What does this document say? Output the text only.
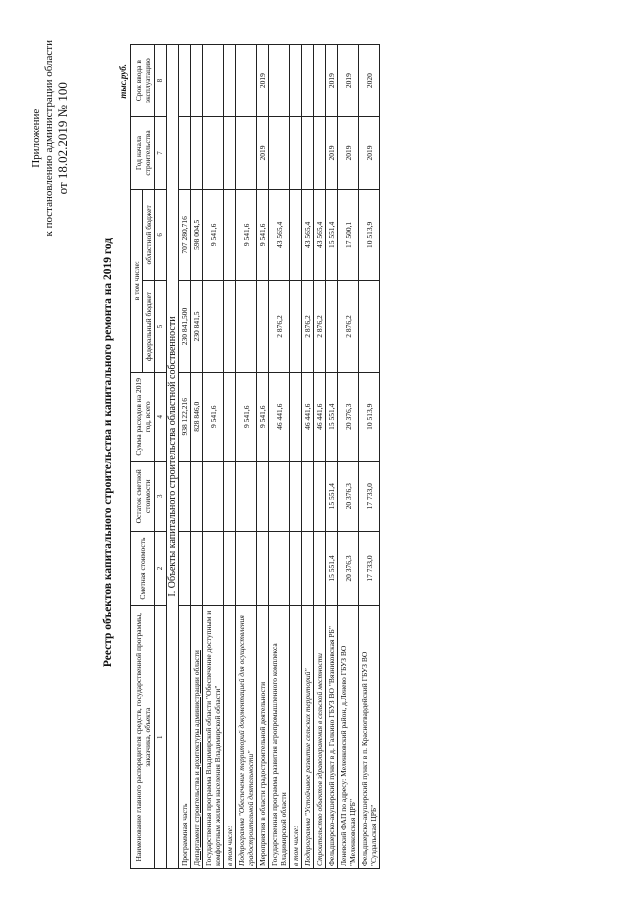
Приложение к постановлению администрации области от 18.02.2019 № 100
Реестр объектов капитального строительства и капитального ремонта на 2019 год
тыс.руб.
Наименование главного распорядителя средств, государственной программы, заказчика, объекта	Сметная стоимость	Остаток сметной стоимости	Сумма расходов на 2019 год, всего	в том числе:		Год начала строительства	Срок ввода в эксплуатацию
				федеральный бюджет	областной бюджет		
1	2	3	4	5	6	7	8
I. Объекты капитального строительства областной собственности							
Программная часть			938 122,216	230 841,500	707 280,716		
Департамент строительства и архитектуры администрации области			828 846,0	230 841,5	598 004,5		
Государственная программа Владимирской области "Обеспечение доступным и комфортным жильем населения Владимирской области"			9 541,6		9 541,6		
в том числе:							
Подпрограмма "Обеспечение территорий документацией для осуществления градостроительной деятельности"			9 541,6		9 541,6		
Мероприятия в области градостроительной деятельности			9 541,6		9 541,6	2019	2019
Государственная программа развития агропромышленного комплекса Владимирской области			46 441,6	2 876,2	43 565,4		
в том числе:							
Подпрограмма "Устойчивое развитие сельских территорий"			46 441,6	2 876,2	43 565,4		
Строительство объектов здравоохранения в сельской местности			46 441,6	2 876,2	43 565,4		
Фельдшерско-акушерский пункт в д. Галкино ГБУЗ ВО "Вязниковская РБ"	15 551,4	15 551,4	15 551,4		15 551,4	2019	2019
Леневский ФАП по адресу: Меленковский район, д.Ленево ГБУЗ ВО "Меленковская ЦРБ"	20 376,3	20 376,3	20 376,3	2 876,2	17 500,1	2019	2019
Фельдшерско-акушерский пункт в п. Красногвардейский ГБУЗ ВО "Суздальская ЦРБ"	17 733,0	17 733,0	10 513,9		10 513,9	2019	2020
